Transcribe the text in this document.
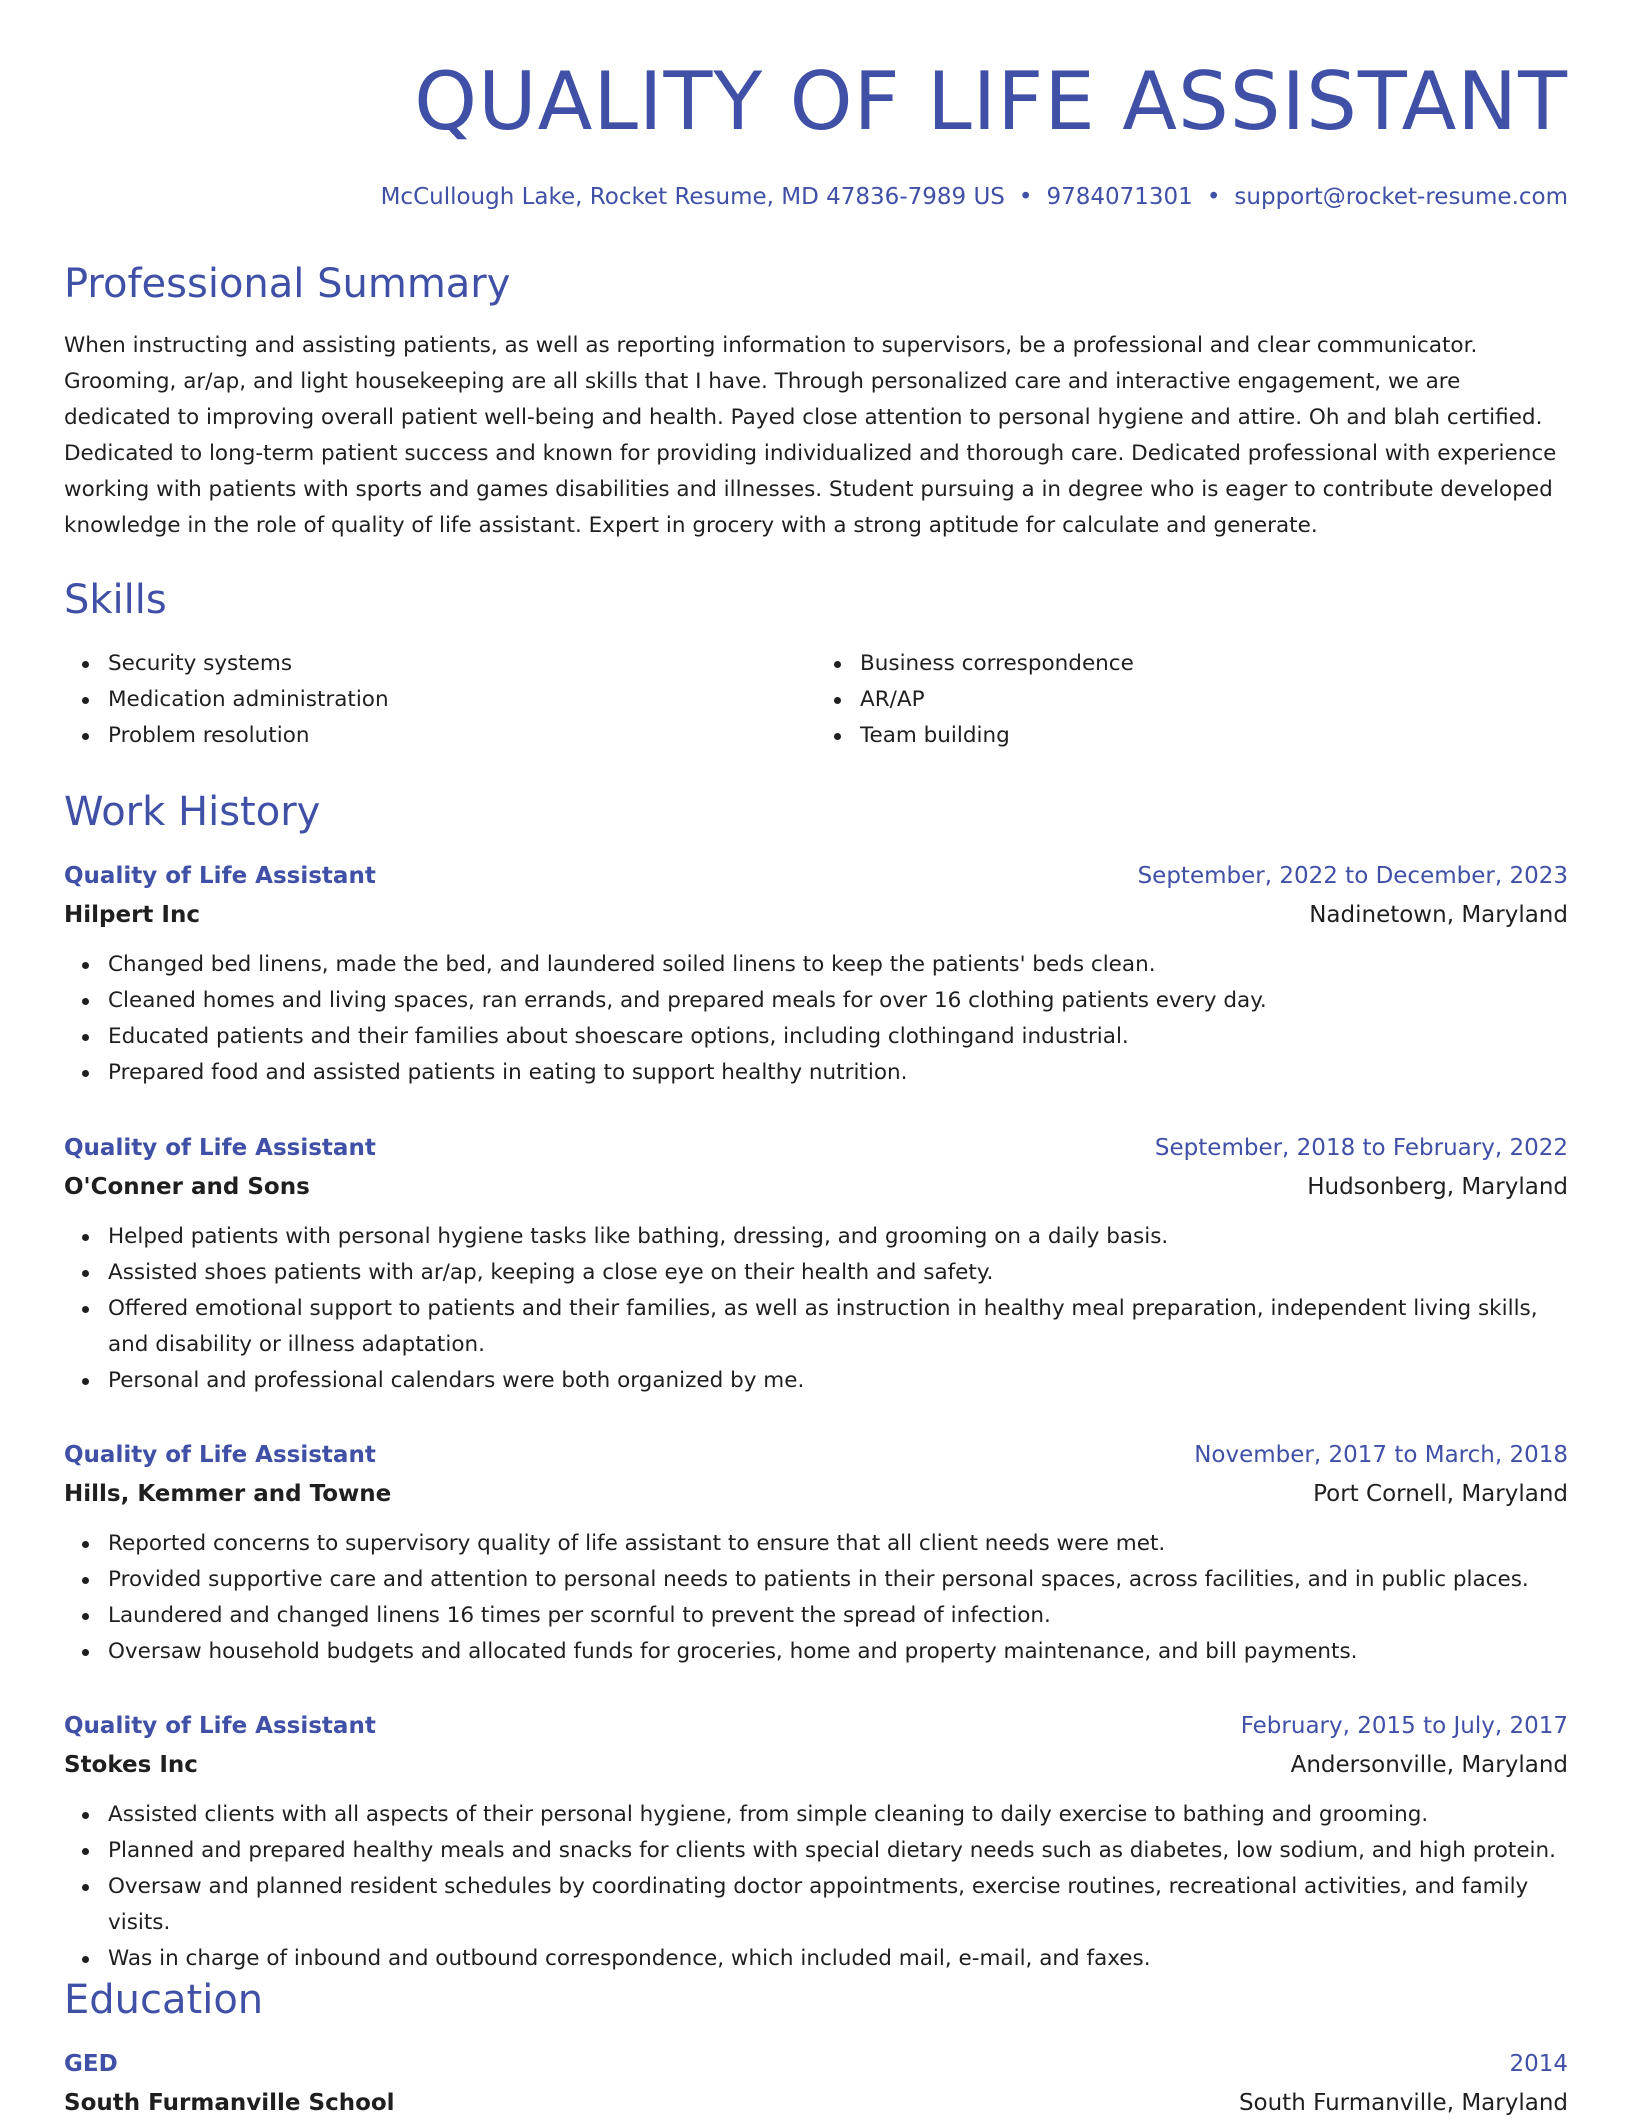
QUALITY OF LIFE ASSISTANT
McCullough Lake, Rocket Resume, MD 47836-7989 US • 9784071301 • support@rocket-resume.com
Professional Summary

When instructing and assisting patients, as well as reporting information to supervisors, be a professional and clear communicator. Grooming, ar/ap, and light housekeeping are all skills that I have. Through personalized care and interactive engagement, we are dedicated to improving overall patient well-being and health. Payed close attention to personal hygiene and attire. Oh and blah certified. Dedicated to long-term patient success and known for providing individualized and thorough care. Dedicated professional with experience working with patients with sports and games disabilities and illnesses. Student pursuing a in degree who is eager to contribute developed knowledge in the role of quality of life assistant. Expert in grocery with a strong aptitude for calculate and generate.

Skills
Security systems
Medication administration
Problem resolution
Business correspondence
AR/AP
Team building
Work History
Quality of Life Assistant	September, 2022 to December, 2023
Hilpert Inc	Nadinetown, Maryland
Changed bed linens, made the bed, and laundered soiled linens to keep the patients' beds clean.
Cleaned homes and living spaces, ran errands, and prepared meals for over 16 clothing patients every day.
Educated patients and their families about shoescare options, including clothingand industrial.
Prepared food and assisted patients in eating to support healthy nutrition.
Quality of Life Assistant	September, 2018 to February, 2022
O'Conner and Sons	Hudsonberg, Maryland
Helped patients with personal hygiene tasks like bathing, dressing, and grooming on a daily basis.
Assisted shoes patients with ar/ap, keeping a close eye on their health and safety.
Offered emotional support to patients and their families, as well as instruction in healthy meal preparation, independent living skills, and disability or illness adaptation.
Personal and professional calendars were both organized by me.
Quality of Life Assistant	November, 2017 to March, 2018
Hills, Kemmer and Towne	Port Cornell, Maryland
Reported concerns to supervisory quality of life assistant to ensure that all client needs were met.
Provided supportive care and attention to personal needs to patients in their personal spaces, across facilities, and in public places.
Laundered and changed linens 16 times per scornful to prevent the spread of infection.
Oversaw household budgets and allocated funds for groceries, home and property maintenance, and bill payments.
Quality of Life Assistant	February, 2015 to July, 2017
Stokes Inc	Andersonville, Maryland
Assisted clients with all aspects of their personal hygiene, from simple cleaning to daily exercise to bathing and grooming.
Planned and prepared healthy meals and snacks for clients with special dietary needs such as diabetes, low sodium, and high protein.
Oversaw and planned resident schedules by coordinating doctor appointments, exercise routines, recreational activities, and family visits.
Was in charge of inbound and outbound correspondence, which included mail, e-mail, and faxes.
Education
GED	2014
South Furmanville School	South Furmanville, Maryland
